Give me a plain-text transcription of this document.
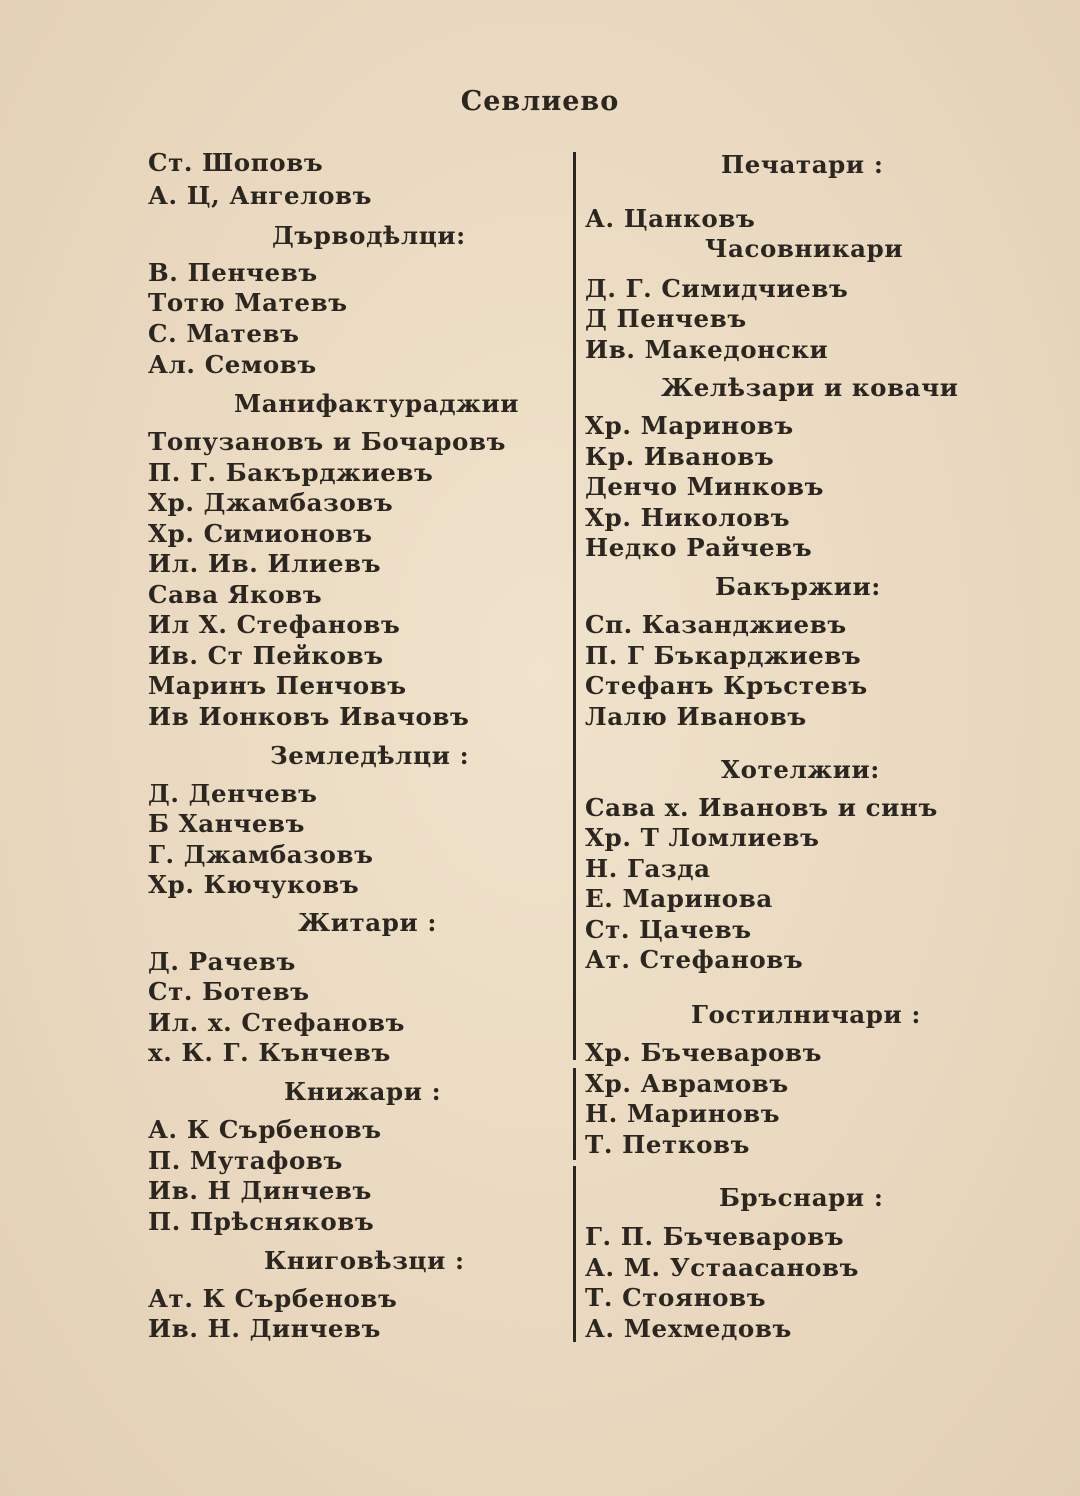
Севлиево
Ст. Шоповъ
А. Ц, Ангеловъ
Дърводѣлци:
В. Пенчевъ
Тотю Матевъ
С. Матевъ
Ал. Семовъ
Манифактураджии
Топузановъ и Бочаровъ
П. Г. Бакърджиевъ
Хр. Джамбазовъ
Хр. Симионовъ
Ил. Ив. Илиевъ
Сава Яковъ
Ил Х. Стефановъ
Ив. Ст Пейковъ
Маринъ Пенчовъ
Ив Ионковъ Ивачовъ
Земледѣлци :
Д. Денчевъ
Б Ханчевъ
Г. Джамбазовъ
Хр. Кючуковъ
Житари :
Д. Рачевъ
Ст. Ботевъ
Ил. х. Стефановъ
х. К. Г. Кънчевъ
Книжари :
А. К Сърбеновъ
П. Мутафовъ
Ив. Н Динчевъ
П. Прѣсняковъ
Книговѣзци :
Ат. К Сърбеновъ
Ив. Н. Динчевъ
Печатари :
А. Цанковъ
Часовникари
Д. Г. Симидчиевъ
Д Пенчевъ
Ив. Македонски
Желѣзари и ковачи
Хр. Мариновъ
Кр. Ивановъ
Денчо Минковъ
Хр. Николовъ
Недко Райчевъ
Бакържии:
Сп. Казанджиевъ
П. Г Бъкарджиевъ
Стефанъ Кръстевъ
Лалю Ивановъ
Хотелжии:
Сава х. Ивановъ и синъ
Хр. Т Ломлиевъ
Н. Газда
Е. Маринова
Ст. Цачевъ
Ат. Стефановъ
Гостилничари :
Хр. Бъчеваровъ
Хр. Аврамовъ
Н. Мариновъ
Т. Петковъ
Бръснари :
Г. П. Бъчеваровъ
А. М. Устаасановъ
Т. Стояновъ
А. Мехмедовъ
